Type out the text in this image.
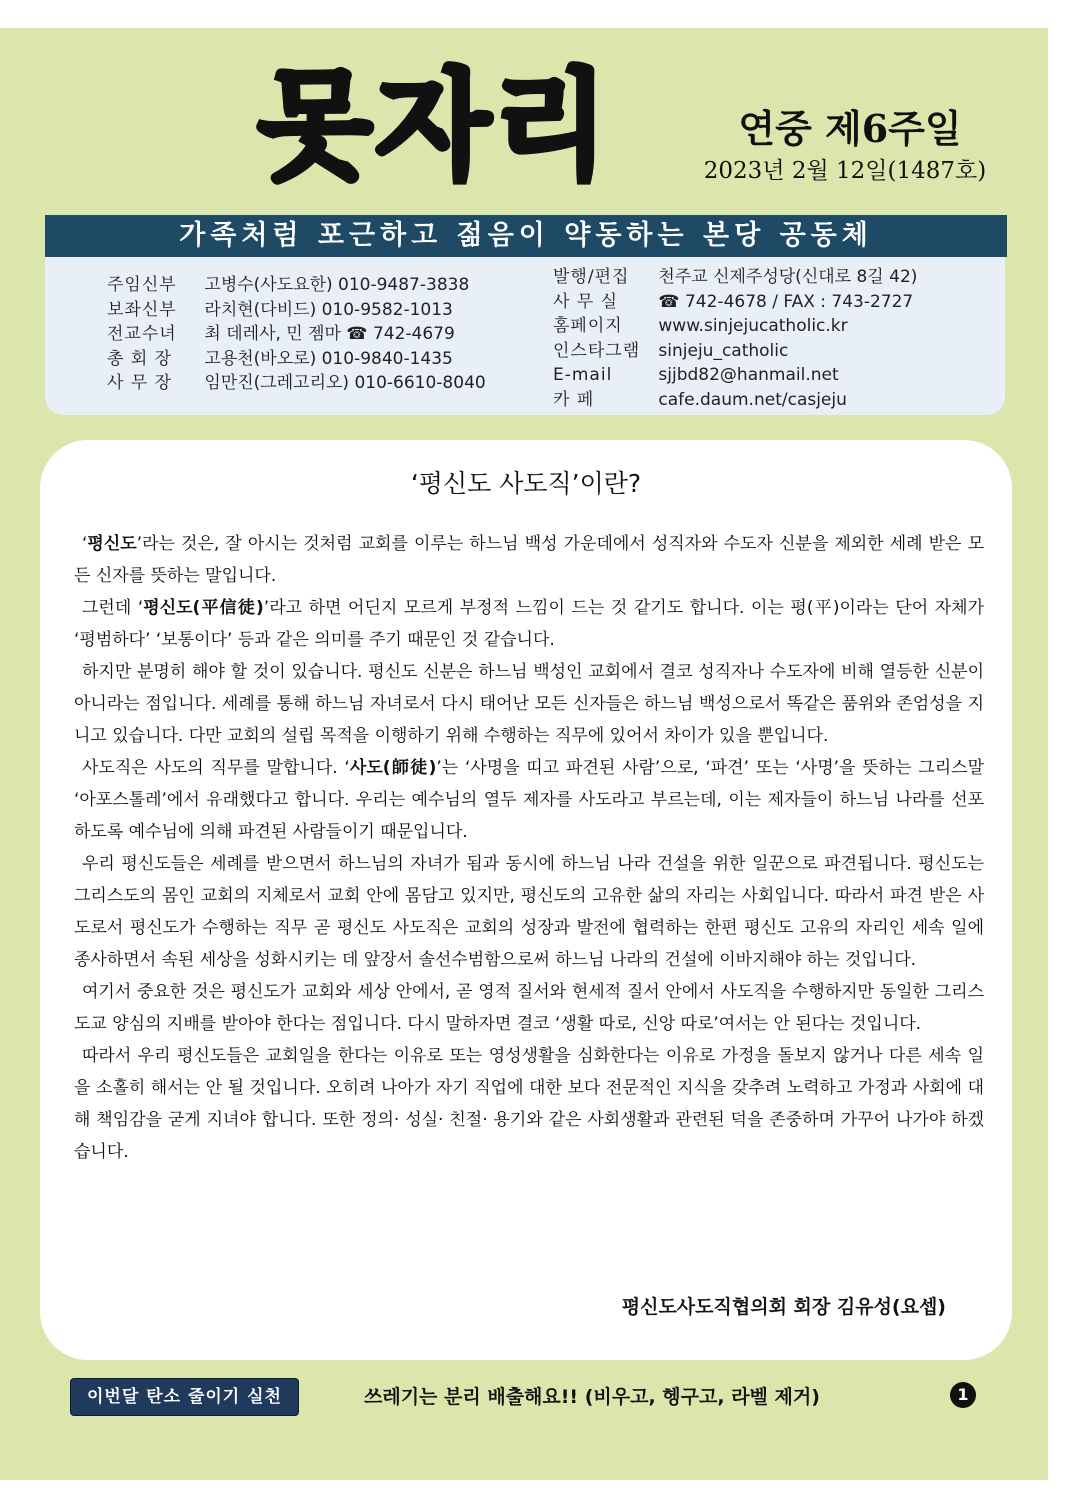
못자리	연중 제6주일
2023년 2월 12일(1487호)
가족처럼 포근하고 젊음이 약동하는 본당 공동체
주임신부 고병수(사도요한) 010-9487-3838
보좌신부 라치현(다비드) 010-9582-1013
전교수녀 최 데레사, 민 젬마 ☎ 742-4679
총 회 장 고용천(바오로) 010-9840-1435
사 무 장 임만진(그레고리오) 010-6610-8040
발행/편집 천주교 신제주성당(신대로 8길 42)
사 무 실 ☎ 742-4678 / FAX : 743-2727
홈페이지 www.sinjejucatholic.kr
인스타그램 sinjeju_catholic
E-mail	sjjbd82@hanmail.net
카 페	cafe.daum.net/casjeju
‘평신도 사도직’이란?

‘평신도’라는 것은, 잘 아시는 것처럼 교회를 이루는 하느님 백성 가운데에서 성직자와 수도자 신분을 제외한 세례 받은 모든 신자를 뜻하는 말입니다.

그런데 ‘평신도(平信徒)’라고 하면 어딘지 모르게 부정적 느낌이 드는 것 같기도 합니다. 이는 평(平)이라는 단어 자체가 ‘평범하다’ ‘보통이다’ 등과 같은 의미를 주기 때문인 것 같습니다.

하지만 분명히 해야 할 것이 있습니다. 평신도 신분은 하느님 백성인 교회에서 결코 성직자나 수도자에 비해 열등한 신분이 아니라는 점입니다. 세례를 통해 하느님 자녀로서 다시 태어난 모든 신자들은 하느님 백성으로서 똑같은 품위와 존엄성을 지니고 있습니다. 다만 교회의 설립 목적을 이행하기 위해 수행하는 직무에 있어서 차이가 있을 뿐입니다.

사도직은 사도의 직무를 말합니다. ‘사도(師徒)’는 ‘사명을 띠고 파견된 사람’으로, ‘파견’ 또는 ‘사명’을 뜻하는 그리스말 ‘아포스톨레’에서 유래했다고 합니다. 우리는 예수님의 열두 제자를 사도라고 부르는데, 이는 제자들이 하느님 나라를 선포하도록 예수님에 의해 파견된 사람들이기 때문입니다.

우리 평신도들은 세례를 받으면서 하느님의 자녀가 됨과 동시에 하느님 나라 건설을 위한 일꾼으로 파견됩니다. 평신도는 그리스도의 몸인 교회의 지체로서 교회 안에 몸담고 있지만, 평신도의 고유한 삶의 자리는 사회입니다. 따라서 파견 받은 사도로서 평신도가 수행하는 직무 곧 평신도 사도직은 교회의 성장과 발전에 협력하는 한편 평신도 고유의 자리인 세속 일에 종사하면서 속된 세상을 성화시키는 데 앞장서 솔선수범함으로써 하느님 나라의 건설에 이바지해야 하는 것입니다.

여기서 중요한 것은 평신도가 교회와 세상 안에서, 곧 영적 질서와 현세적 질서 안에서 사도직을 수행하지만 동일한 그리스도교 양심의 지배를 받아야 한다는 점입니다. 다시 말하자면 결코 ‘생활 따로, 신앙 따로’여서는 안 된다는 것입니다.

따라서 우리 평신도들은 교회일을 한다는 이유로 또는 영성생활을 심화한다는 이유로 가정을 돌보지 않거나 다른 세속 일을 소홀히 해서는 안 될 것입니다. 오히려 나아가 자기 직업에 대한 보다 전문적인 지식을 갖추려 노력하고 가정과 사회에 대해 책임감을 굳게 지녀야 합니다. 또한 정의· 성실· 친절· 용기와 같은 사회생활과 관련된 덕을 존중하며 가꾸어 나가야 하겠습니다.

평신도사도직협의회 회장 김유성(요셉)
이번달 탄소 줄이기 실천	쓰레기는 분리 배출해요!! (비우고, 헹구고, 라벨 제거)	1
